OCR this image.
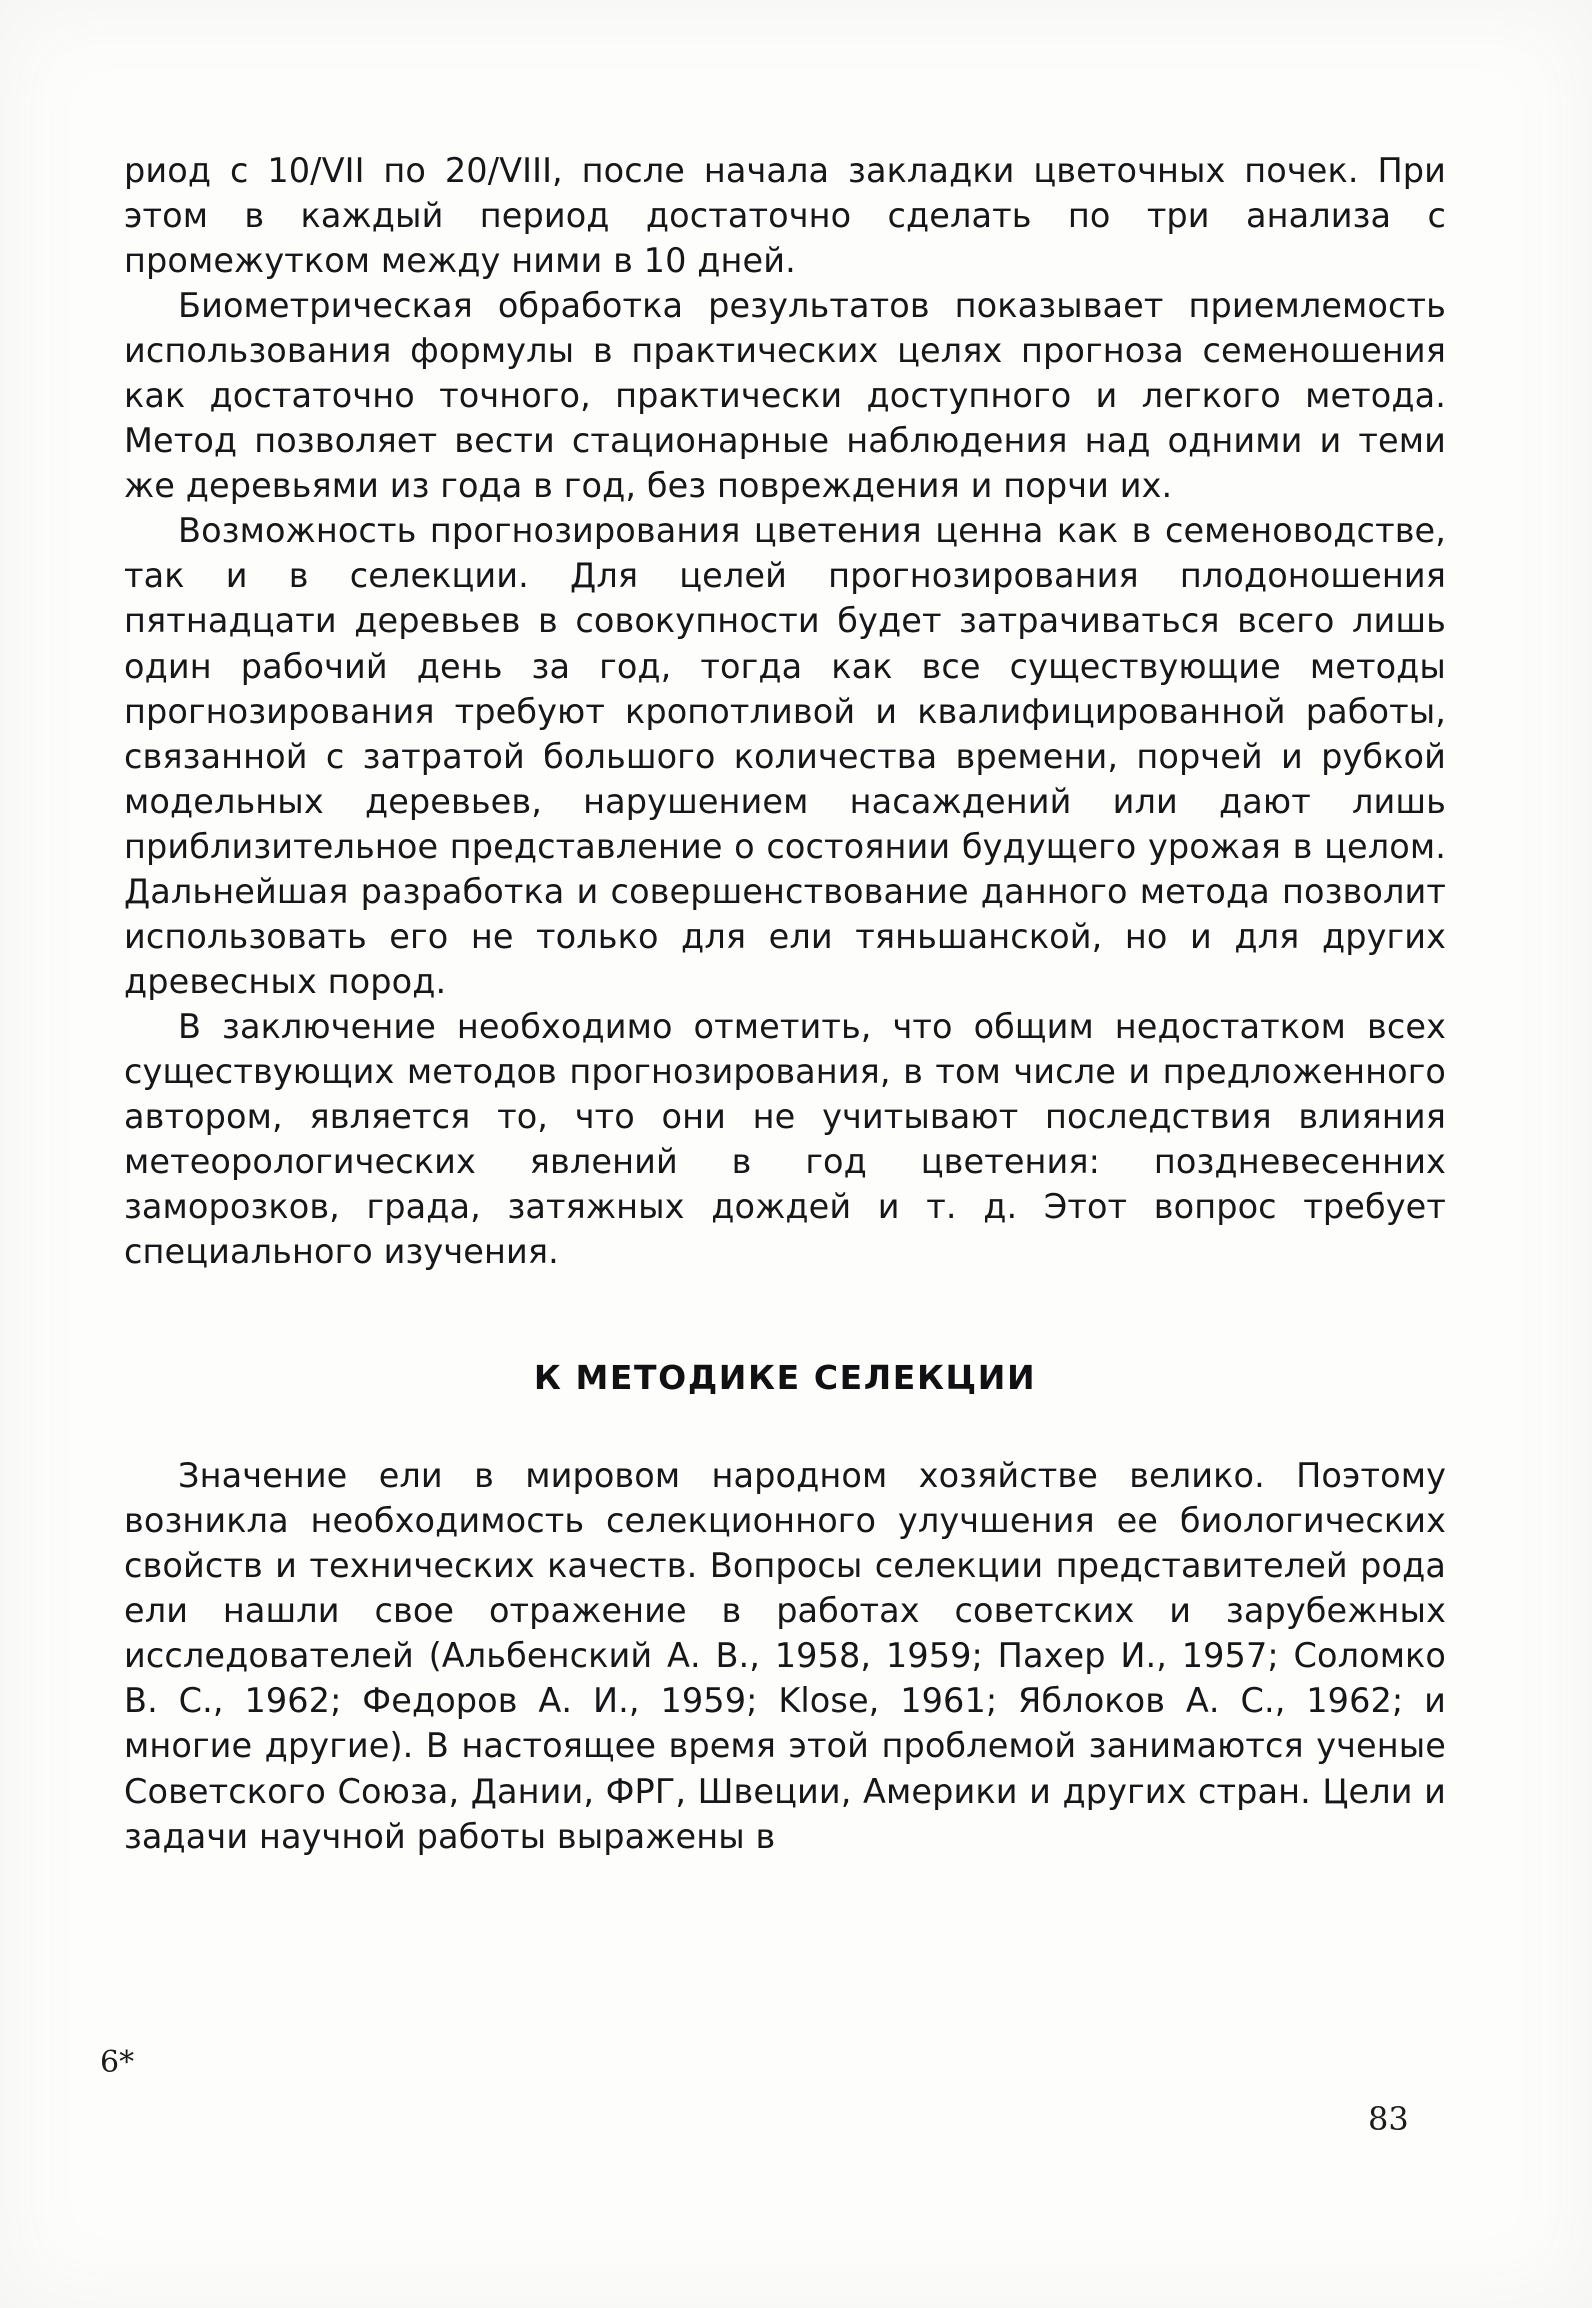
риод с 10/VII по 20/VIII, после начала закладки цветочных почек. При этом в каждый период достаточно сделать по три анализа с промежутком между ними в 10 дней.

Биометрическая обработка результатов показывает приемлемость использования формулы в практических целях прогноза семеношения как достаточно точного, практически доступного и легкого метода. Метод позволяет вести стационарные наблюдения над одними и теми же деревьями из года в год, без повреждения и порчи их.

Возможность прогнозирования цветения ценна как в семеноводстве, так и в селекции. Для целей прогнозирования плодоношения пятнадцати деревьев в совокупности будет затрачиваться всего лишь один рабочий день за год, тогда как все существующие методы прогнозирования требуют кропотливой и квалифицированной работы, связанной с затратой большого количества времени, порчей и рубкой модельных деревьев, нарушением насаждений или дают лишь приблизительное представление о состоянии будущего урожая в целом. Дальнейшая разработка и совершенствование данного метода позволит использовать его не только для ели тяньшанской, но и для других древесных пород.

В заключение необходимо отметить, что общим недостатком всех существующих методов прогнозирования, в том числе и предложенного автором, является то, что они не учитывают последствия влияния метеорологических явлений в год цветения: поздневесенних заморозков, града, затяжных дождей и т. д. Этот вопрос требует специального изучения.

К МЕТОДИКЕ СЕЛЕКЦИИ

Значение ели в мировом народном хозяйстве велико. Поэтому возникла необходимость селекционного улучшения ее биологических свойств и технических качеств. Вопросы селекции представителей рода ели нашли свое отражение в работах советских и зарубежных исследователей (Альбенский А. В., 1958, 1959; Пахер И., 1957; Соломко В. С., 1962; Федоров А. И., 1959; Klose, 1961; Яблоков А. С., 1962; и многие другие). В настоящее время этой проблемой занимаются ученые Советского Союза, Дании, ФРГ, Швеции, Америки и других стран. Цели и задачи научной работы выражены в

6*
83
